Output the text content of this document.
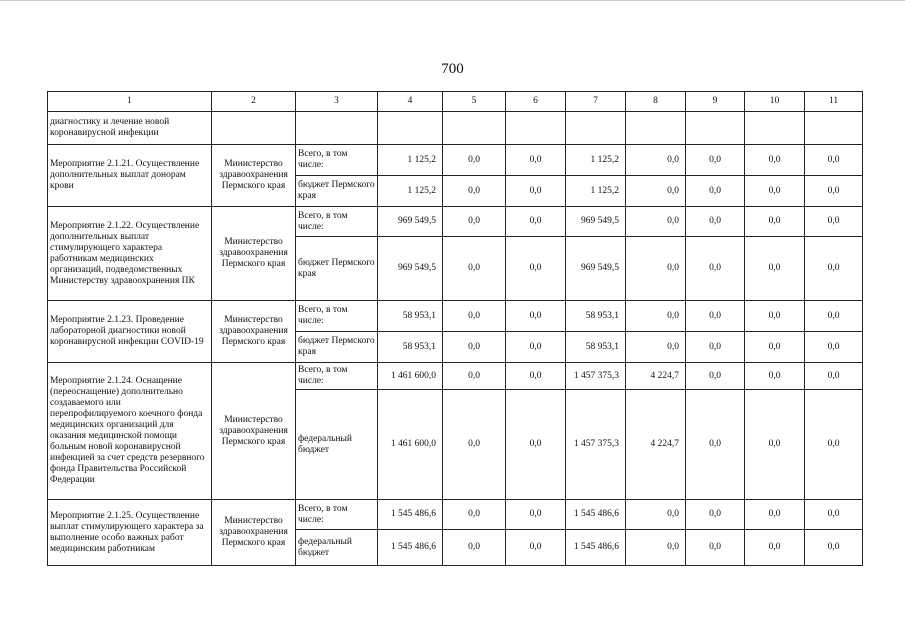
700
1	2	3	4	5	6	7	8	9	10	11
диагностику и лечение новой коронавирусной инфекции										
Мероприятие 2.1.21. Осуществление дополнительных выплат донорам крови	Министерство здравоохранения Пермского края	Всего, в том числе:	1 125,2	0,0	0,0	1 125,2	0,0	0,0	0,0	0,0
		бюджет Пермского края	1 125,2	0,0	0,0	1 125,2	0,0	0,0	0,0	0,0
Мероприятие 2.1.22. Осуществление дополнительных выплат стимулирующего характера работникам медицинских организаций, подведомственных Министерству здравоохранения ПК	Министерство здравоохранения Пермского края	Всего, в том числе:	969 549,5	0,0	0,0	969 549,5	0,0	0,0	0,0	0,0
		бюджет Пермского края	969 549,5	0,0	0,0	969 549,5	0,0	0,0	0,0	0,0
Мероприятие 2.1.23. Проведение лабораторной диагностики новой коронавирусной инфекции COVID-19	Министерство здравоохранения Пермского края	Всего, в том числе:	58 953,1	0,0	0,0	58 953,1	0,0	0,0	0,0	0,0
		бюджет Пермского края	58 953,1	0,0	0,0	58 953,1	0,0	0,0	0,0	0,0
Мероприятие 2.1.24. Оснащение (переоснащение) дополнительно создаваемого или перепрофилируемого коечного фонда медицинских организаций для оказания медицинской помощи больным новой коронавирусной инфекцией за счет средств резервного фонда Правительства Российской Федерации	Министерство здравоохранения Пермского края	Всего, в том числе:	1 461 600,0	0,0	0,0	1 457 375,3	4 224,7	0,0	0,0	0,0
		федеральный бюджет	1 461 600,0	0,0	0,0	1 457 375,3	4 224,7	0,0	0,0	0,0
Мероприятие 2.1.25. Осуществление выплат стимулирующего характера за выполнение особо важных работ медицинским работникам	Министерство здравоохранения Пермского края	Всего, в том числе:	1 545 486,6	0,0	0,0	1 545 486,6	0,0	0,0	0,0	0,0
		федеральный бюджет	1 545 486,6	0,0	0,0	1 545 486,6	0,0	0,0	0,0	0,0
